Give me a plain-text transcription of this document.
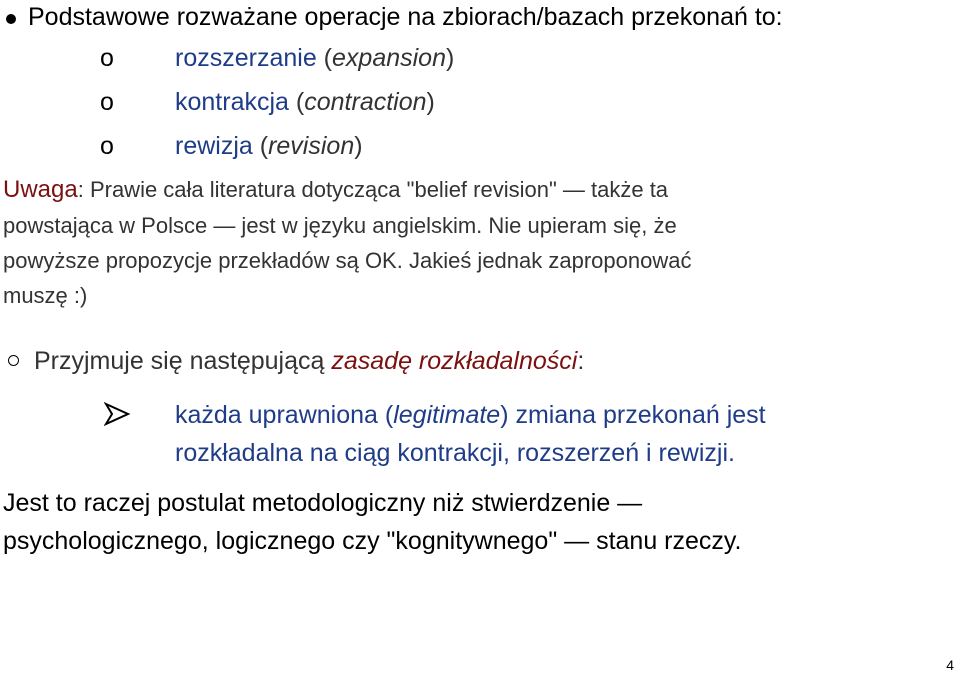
Podstawowe rozważane operacje na zbiorach/bazach przekonań to:
o rozszerzanie (expansion)
o kontrakcja (contraction)
o rewizja (revision)
Uwaga: Prawie cała literatura dotycząca "belief revision" — także ta
powstająca w Polsce — jest w języku angielskim. Nie upieram się, że
powyższe propozycje przekładów są OK. Jakieś jednak zaproponować
muszę :)
Przyjmuje się następującą zasadę rozkładalności:
każda uprawniona (legitimate) zmiana przekonań jest
rozkładalna na ciąg kontrakcji, rozszerzeń i rewizji.
Jest to raczej postulat metodologiczny niż stwierdzenie —
psychologicznego, logicznego czy "kognitywnego" — stanu rzeczy.
4
